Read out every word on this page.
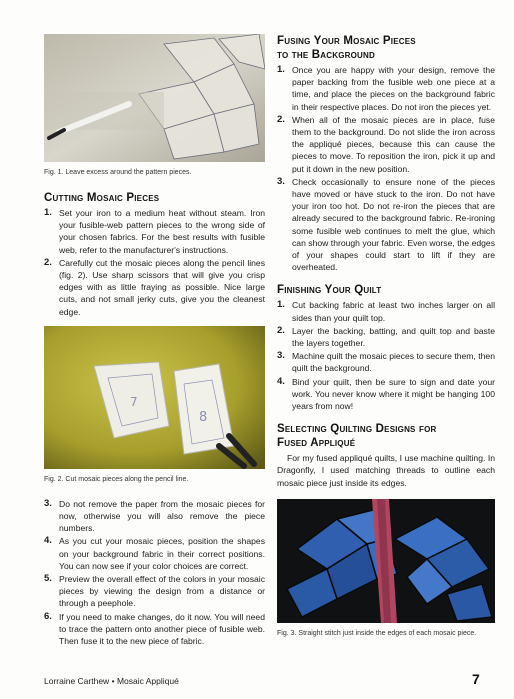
Fig. 1. Leave excess around the pattern pieces.
Cutting Mosaic Pieces
1. Set your iron to a medium heat without steam. Iron your fusible-web pattern pieces to the wrong side of your chosen fabrics. For the best results with fusible web, refer to the manufacturer's instructions.
2. Carefully cut the mosaic pieces along the pencil lines (fig. 2). Use sharp scissors that will give you crisp edges with as little fraying as possible. Nice large cuts, and not small jerky cuts, give you the cleanest edge.
7
8
Fig. 2. Cut mosaic pieces along the pencil line.
3. Do not remove the paper from the mosaic pieces for now, otherwise you will also remove the piece numbers.
4. As you cut your mosaic pieces, position the shapes on your background fabric in their correct positions. You can now see if your color choices are correct.
5. Preview the overall effect of the colors in your mosaic pieces by viewing the design from a distance or through a peephole.
6. If you need to make changes, do it now. You will need to trace the pattern onto another piece of fusible web. Then fuse it to the new piece of fabric.
Fusing Your Mosaic Pieces
to the Background
1. Once you are happy with your design, remove the paper backing from the fusible web one piece at a time, and place the pieces on the background fabric in their respective places. Do not iron the pieces yet.
2. When all of the mosaic pieces are in place, fuse them to the background. Do not slide the iron across the appliqué pieces, because this can cause the pieces to move. To reposition the iron, pick it up and put it down in the new position.
3. Check occasionally to ensure none of the pieces have moved or have stuck to the iron. Do not have your iron too hot. Do not re-iron the pieces that are already secured to the background fabric. Re-ironing some fusible web continues to melt the glue, which can show through your fabric. Even worse, the edges of your shapes could start to lift if they are overheated.
Finishing Your Quilt
1. Cut backing fabric at least two inches larger on all sides than your quilt top.
2. Layer the backing, batting, and quilt top and baste the layers together.
3. Machine quilt the mosaic pieces to secure them, then quilt the background.
4. Bind your quilt, then be sure to sign and date your work. You never know where it might be hanging 100 years from now!
Selecting Quilting Designs for
Fused Appliqué

For my fused appliqué quilts, I use machine quilting. In Dragonfly, I used matching threads to outline each mosaic piece just inside its edges.

Fig. 3. Straight stitch just inside the edges of each mosaic piece.
Lorraine Carthew • Mosaic Appliqué	7
